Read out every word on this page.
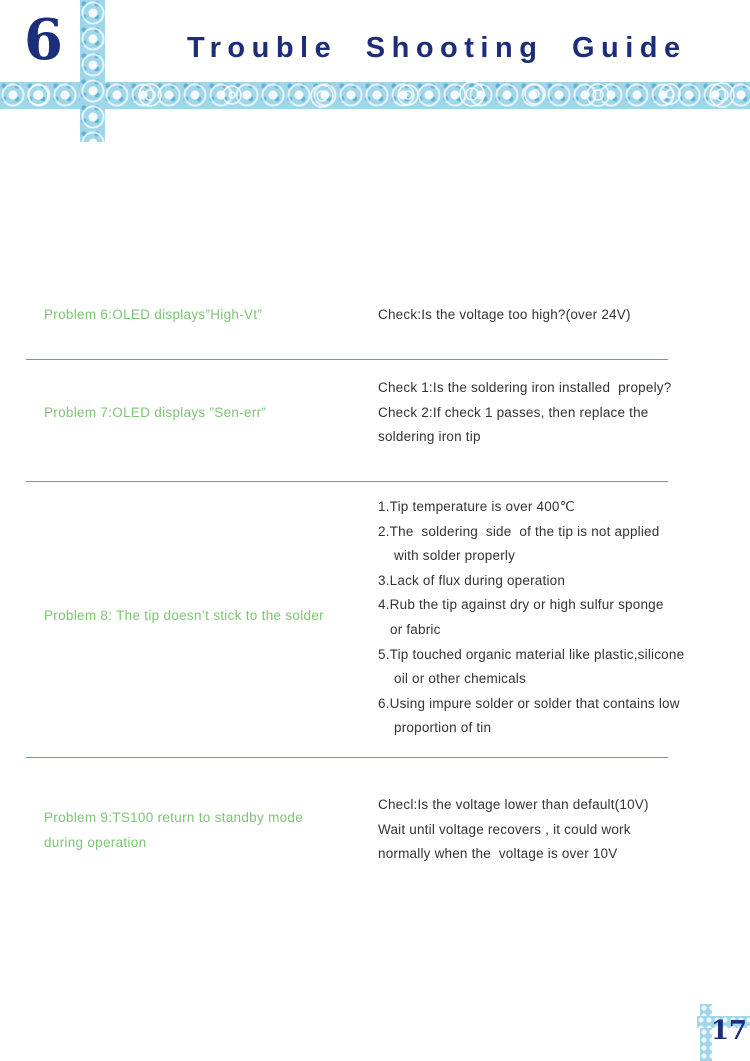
6	Trouble Shooting Guide
Problem 6:OLED displays”High-Vt”	Check:Is the voltage too high?(over 24V)
Problem 7:OLED displays ”Sen-err”
Check 1:Is the soldering iron installed  propely?
Check 2:If check 1 passes, then replace the
soldering iron tip
Problem 8: The tip doesn’t stick to the solder
1.Tip temperature is over 400℃
2.The  soldering  side  of the tip is not applied
with solder properly
3.Lack of flux during operation
4.Rub the tip against dry or high sulfur sponge
or fabric
5.Tip touched organic material like plastic,silicone
oil or other chemicals
6.Using impure solder or solder that contains low
proportion of tin
Problem 9:TS100 return to standby mode
during operation
Checl:Is the voltage lower than default(10V)
Wait until voltage recovers , it could work
normally when the  voltage is over 10V
17
